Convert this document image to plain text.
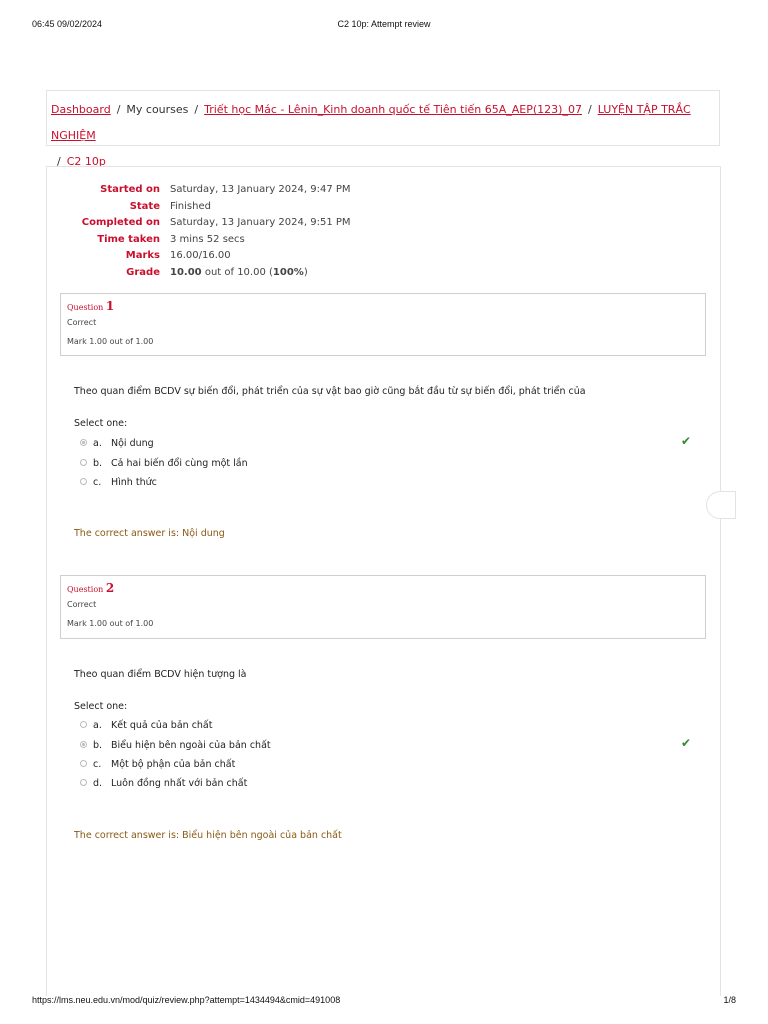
06:45 09/02/2024	C2 10p: Attempt review
Dashboard / My courses / Triết học Mác - Lênin_Kinh doanh quốc tế Tiên tiến 65A_AEP(123)_07 / LUYỆN TẬP TRẮC NGHIỆM
/ C2 10p
Started on Saturday, 13 January 2024, 9:47 PM
State Finished
Completed on Saturday, 13 January 2024, 9:51 PM
Time taken 3 mins 52 secs
Marks 16.00/16.00
Grade 10.00 out of 10.00 (100%)
Question 1
Correct
Mark 1.00 out of 1.00
Theo quan điểm BCDV sự biến đổi, phát triển của sự vật bao giờ cũng bắt đầu từ sự biến đổi, phát triển của
Select one:
a. Nội dung	✔
b. Cả hai biến đổi cùng một lần
c. Hình thức
The correct answer is: Nội dung
Question 2
Correct
Mark 1.00 out of 1.00
Theo quan điểm BCDV hiện tượng là
Select one:
a. Kết quả của bản chất
b. Biểu hiện bên ngoài của bản chất	✔
c. Một bộ phận của bản chất
d. Luôn đồng nhất với bản chất
The correct answer is: Biểu hiện bên ngoài của bản chất
https://lms.neu.edu.vn/mod/quiz/review.php?attempt=1434494&cmid=491008	1/8
